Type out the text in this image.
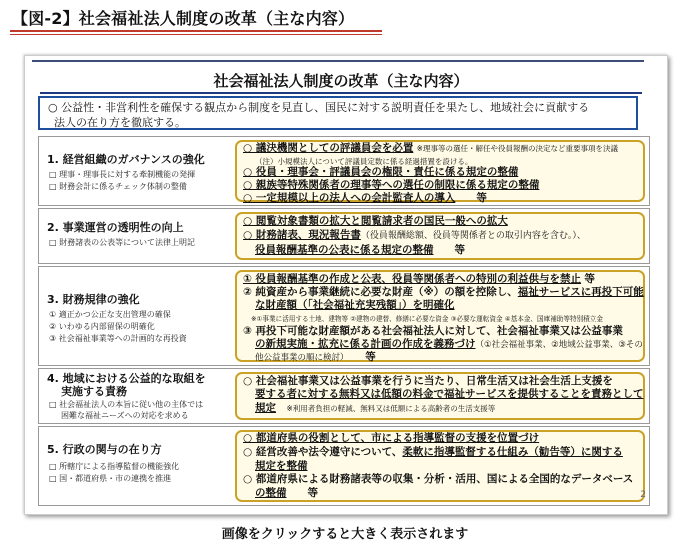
【図-2】社会福祉法人制度の改革（主な内容）
社会福祉法人制度の改革（主な内容）
○ 公益性・非営利性を確保する観点から制度を見直し、国民に対する説明責任を果たし、地域社会に貢献する
法人の在り方を徹底する。
1. 経営組織のガバナンスの強化
□ 理事・理事長に対する牽制機能の発揮
□ 財務会計に係るチェック体制の整備
○ 議決機関としての評議員会を必置 ※理事等の選任・解任や役員報酬の決定など重要事項を決議
（注）小規模法人について評議員定数に係る経過措置を設ける。
○ 役員・理事会・評議員会の権限・責任に係る規定の整備
○ 親族等特殊関係者の理事等への選任の制限に係る規定の整備
○ 一定規模以上の法人への会計監査人の導入　　 等
2. 事業運営の透明性の向上
□ 財務諸表の公表等について法律上明記
○ 閲覧対象書類の拡大と閲覧請求者の国民一般への拡大
○ 財務諸表、現況報告書（役員報酬総額、役員等関係者との取引内容を含む。）、
役員報酬基準の公表に係る規定の整備　　 等
3. 財務規律の強化
① 適正かつ公正な支出管理の確保
② いわゆる内部留保の明確化
③ 社会福祉事業等への計画的な再投資
① 役員報酬基準の作成と公表、役員等関係者への特別の利益供与を禁止 等
② 純資産から事業継続に必要な財産（※）の額を控除し、福祉サービスに再投下可能
な財産額（「社会福祉充実残額」）を明確化
※①事業に活用する土地、建物等 ②建物の建替、修繕に必要な資金 ③必要な運転資金 ④基本金、国庫補助等特別積立金
③ 再投下可能な財産額がある社会福祉法人に対して、社会福祉事業又は公益事業
の新規実施・拡充に係る計画の作成を義務づけ（①社会福祉事業、②地域公益事業、③その
他公益事業の順に検討）　　 等
4. 地域における公益的な取組を
実施する責務
□ 社会福祉法人の本旨に従い他の主体では
困難な福祉ニーズへの対応を求める
○ 社会福祉事業又は公益事業を行うに当たり、日常生活又は社会生活上支援を
要する者に対する無料又は低額の料金で福祉サービスを提供することを責務として
規定　 ※利用者負担の軽減、無料又は低額による高齢者の生活支援等
5. 行政の関与の在り方
□ 所轄庁による指導監督の機能強化
□ 国・都道府県・市の連携を推進
○ 都道府県の役割として、市による指導監督の支援を位置づけ
○ 経営改善や法令遵守について、柔軟に指導監督する仕組み（勧告等）に関する
規定を整備
○ 都道府県による財務諸表等の収集・分析・活用、国による全国的なデータベース
の整備　　 等	2
画像をクリックすると大きく表示されます
